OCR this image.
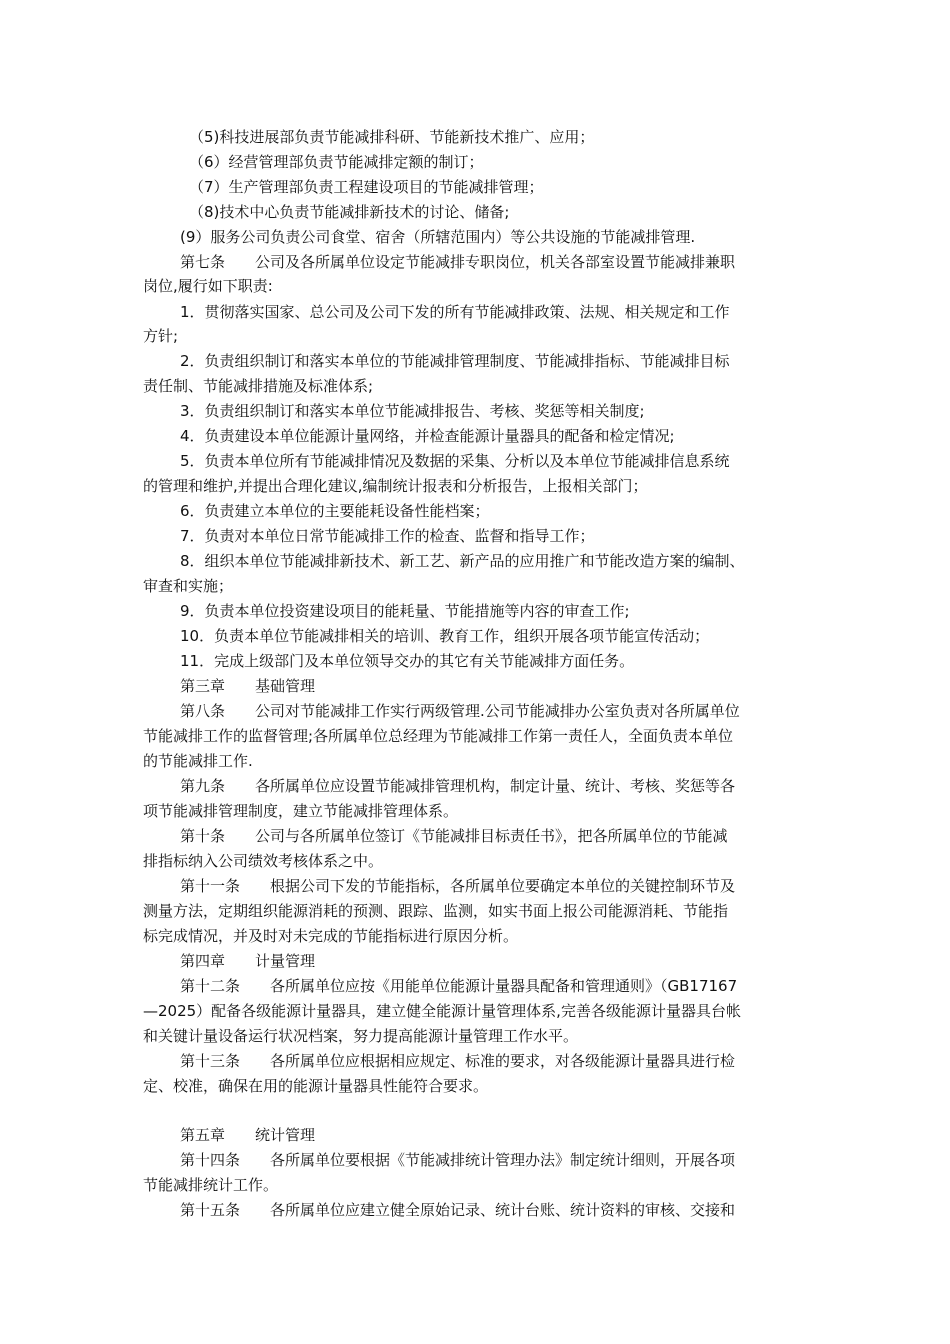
（5)科技进展部负责节能减排科研、节能新技术推广、应用；
（6）经营管理部负责节能减排定额的制订；
（7）生产管理部负责工程建设项目的节能减排管理；
（8)技术中心负责节能减排新技术的讨论、储备;
(9）服务公司负责公司食堂、宿舍（所辖范围内）等公共设施的节能减排管理.
第七条　　公司及各所属单位设定节能减排专职岗位，机关各部室设置节能减排兼职
岗位,履行如下职责:
1．贯彻落实国家、总公司及公司下发的所有节能减排政策、法规、相关规定和工作
方针;
2．负责组织制订和落实本单位的节能减排管理制度、节能减排指标、节能减排目标
责任制、节能减排措施及标准体系;
3．负责组织制订和落实本单位节能减排报告、考核、奖惩等相关制度;
4．负责建设本单位能源计量网络，并检查能源计量器具的配备和检定情况;
5．负责本单位所有节能减排情况及数据的采集、分析以及本单位节能减排信息系统
的管理和维护,并提出合理化建议,编制统计报表和分析报告，上报相关部门；
6．负责建立本单位的主要能耗设备性能档案；
7．负责对本单位日常节能减排工作的检查、监督和指导工作；
8．组织本单位节能减排新技术、新工艺、新产品的应用推广和节能改造方案的编制、
审查和实施；
9．负责本单位投资建设项目的能耗量、节能措施等内容的审查工作;
10．负责本单位节能减排相关的培训、教育工作，组织开展各项节能宣传活动；
11．完成上级部门及本单位领导交办的其它有关节能减排方面任务。
第三章　　基础管理
第八条　　公司对节能减排工作实行两级管理.公司节能减排办公室负责对各所属单位
节能减排工作的监督管理;各所属单位总经理为节能减排工作第一责任人，全面负责本单位
的节能减排工作.
第九条　　各所属单位应设置节能减排管理机构，制定计量、统计、考核、奖惩等各
项节能减排管理制度，建立节能减排管理体系。
第十条　　公司与各所属单位签订《节能减排目标责任书》，把各所属单位的节能减
排指标纳入公司绩效考核体系之中。
第十一条　　根据公司下发的节能指标，各所属单位要确定本单位的关键控制环节及
测量方法，定期组织能源消耗的预测、跟踪、监测，如实书面上报公司能源消耗、节能指
标完成情况，并及时对未完成的节能指标进行原因分析。
第四章　　计量管理
第十二条　　各所属单位应按《用能单位能源计量器具配备和管理通则》（GB17167
—2025）配备各级能源计量器具，建立健全能源计量管理体系,完善各级能源计量器具台帐
和关键计量设备运行状况档案，努力提高能源计量管理工作水平。
第十三条　　各所属单位应根据相应规定、标准的要求，对各级能源计量器具进行检
定、校准，确保在用的能源计量器具性能符合要求。
第五章　　统计管理
第十四条　　各所属单位要根据《节能减排统计管理办法》制定统计细则，开展各项
节能减排统计工作。
第十五条　　各所属单位应建立健全原始记录、统计台账、统计资料的审核、交接和
